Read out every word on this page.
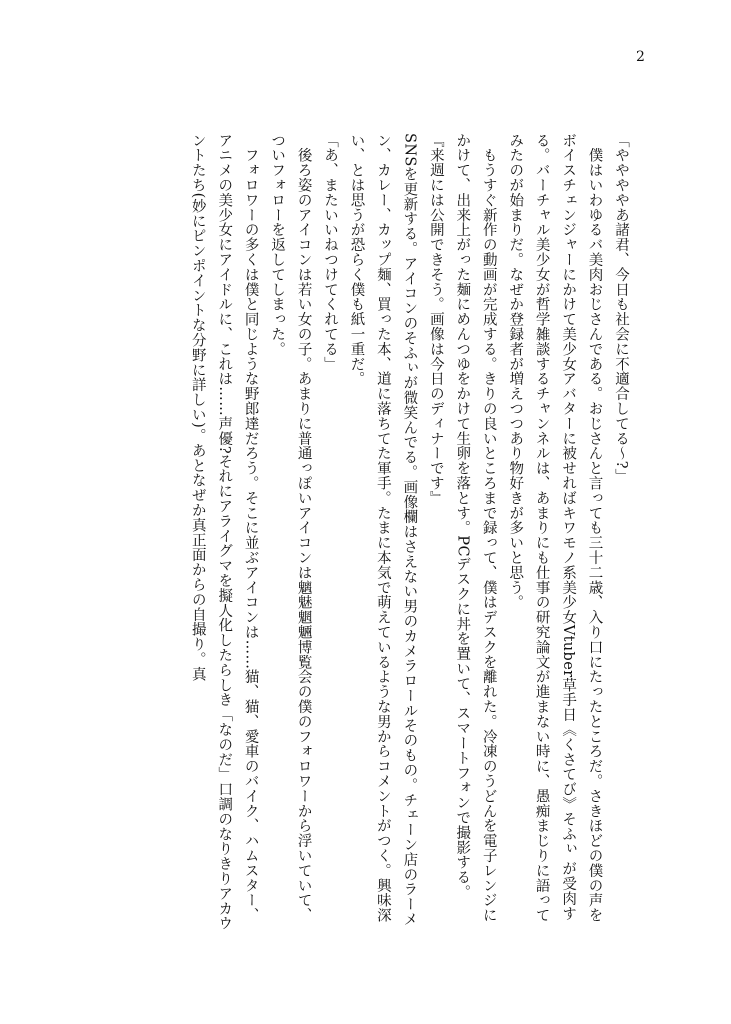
2

「ややややあ諸君、今日も社会に不適合してる〜?」

　僕はいわゆるバ美肉おじさんである。おじさんと言っても三十二歳、入り口にたったところだ。さきほどの僕の声をボイスチェンジャーにかけて美少女アバターに被せればキワモノ系美少女Vtuber草手日《くさてび》そふぃ が受肉する。バーチャル美少女が哲学雑談するチャンネルは、あまりにも仕事の研究論文が進まない時に、愚痴まじりに語ってみたのが始まりだ。なぜか登録者が増えつつあり物好きが多いと思う。

　もうすぐ新作の動画が完成する。きりの良いところまで録って、僕はデスクを離れた。冷凍のうどんを電子レンジにかけて、出来上がった麺にめんつゆをかけて生卵を落とす。PCデスクに丼を置いて、スマートフォンで撮影する。

『来週には公開できそう。画像は今日のディナーです』

SNSを更新する。アイコンのそふぃが微笑んでる。画像欄はさえない男のカメラロールそのもの。チェーン店のラーメン、カレー、カップ麺、買った本、道に落ちてた軍手。たまに本気で萌えているような男からコメントがつく。興味深い、とは思うが恐らく僕も紙一重だ。

「あ、またいいねつけてくれてる」

　後ろ姿のアイコンは若い女の子。あまりに普通っぽいアイコンは魑魅魍魎博覧会の僕のフォロワーから浮いていて、ついフォローを返してしまった。

　フォロワーの多くは僕と同じような野郎達だろう。そこに並ぶアイコンは……猫、猫、愛車のバイク、ハムスター、アニメの美少女にアイドルに、これは……声優?それにアライグマを擬人化したらしき「なのだ」口調のなりきりアカウントたち(妙にピンポイントな分野に詳しい)。あとなぜか真正面からの自撮り。真
